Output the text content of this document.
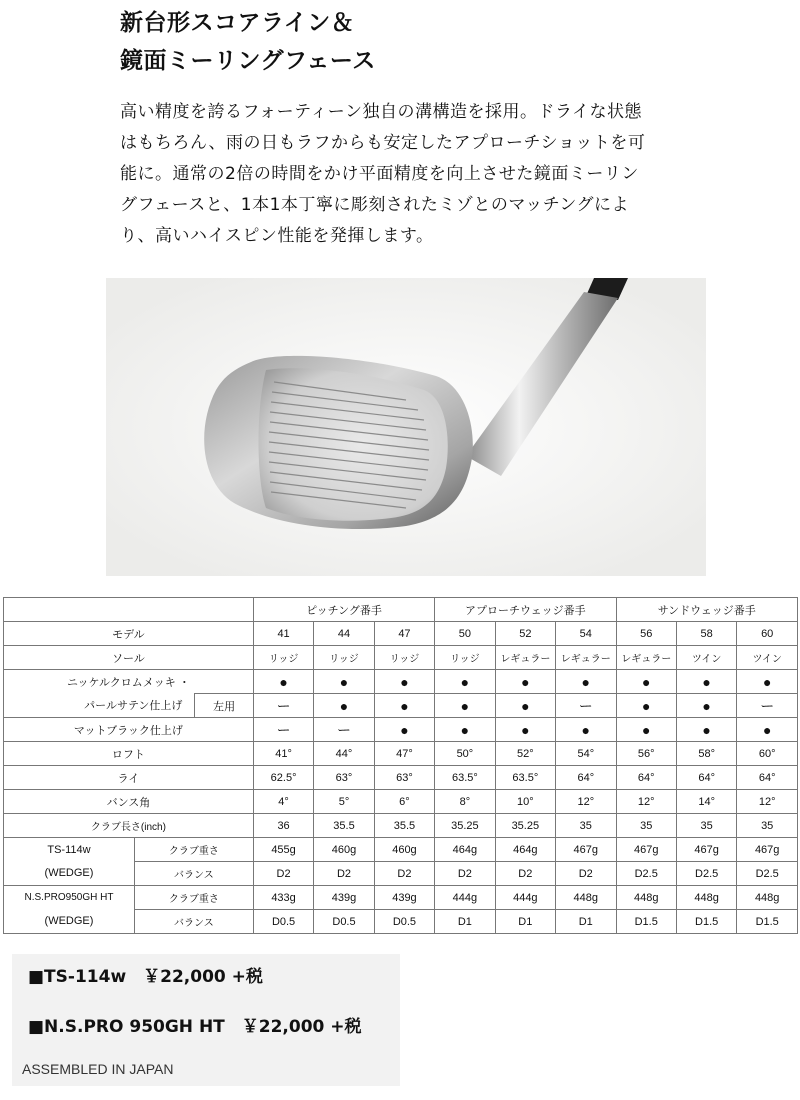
新台形スコアライン＆
鏡面ミーリングフェース
高い精度を誇るフォーティーン独自の溝構造を採用。ドライな状態
はもちろん、雨の日もラフからも安定したアプローチショットを可
能に。通常の2倍の時間をかけ平面精度を向上させた鏡面ミーリン
グフェースと、1本1本丁寧に彫刻されたミゾとのマッチングによ
り、高いハイスピン性能を発揮します。
			ピッチング番手			アプローチウェッジ番手			サンドウェッジ番手		
モデル			41	44	47	50	52	54	56	58	60
ソール			リッジ	リッジ	リッジ	リッジ	レギュラー	レギュラー	レギュラー	ツイン	ツイン
ニッケルクロムメッキ ・			●	●	●	●	●	●	●	●	●
パールサテン仕上げ		左用	ー	●	●	●	●	ー	●	●	ー
マットブラック仕上げ			ー	ー	●	●	●	●	●	●	●
ロフト			41°	44°	47°	50°	52°	54°	56°	58°	60°
ライ			62.5°	63°	63°	63.5°	63.5°	64°	64°	64°	64°
バンス角			4°	5°	6°	8°	10°	12°	12°	14°	12°
クラブ長さ(inch)			36	35.5	35.5	35.25	35.25	35	35	35	35
TS-114w	クラブ重さ		455g	460g	460g	464g	464g	467g	467g	467g	467g
(WEDGE)	バランス		D2	D2	D2	D2	D2	D2	D2.5	D2.5	D2.5
N.S.PRO950GH HT	クラブ重さ		433g	439g	439g	444g	444g	448g	448g	448g	448g
(WEDGE)	バランス		D0.5	D0.5	D0.5	D1	D1	D1	D1.5	D1.5	D1.5
■TS-114w　￥22,000 +税
■N.S.PRO 950GH HT　￥22,000 +税
ASSEMBLED IN JAPAN
